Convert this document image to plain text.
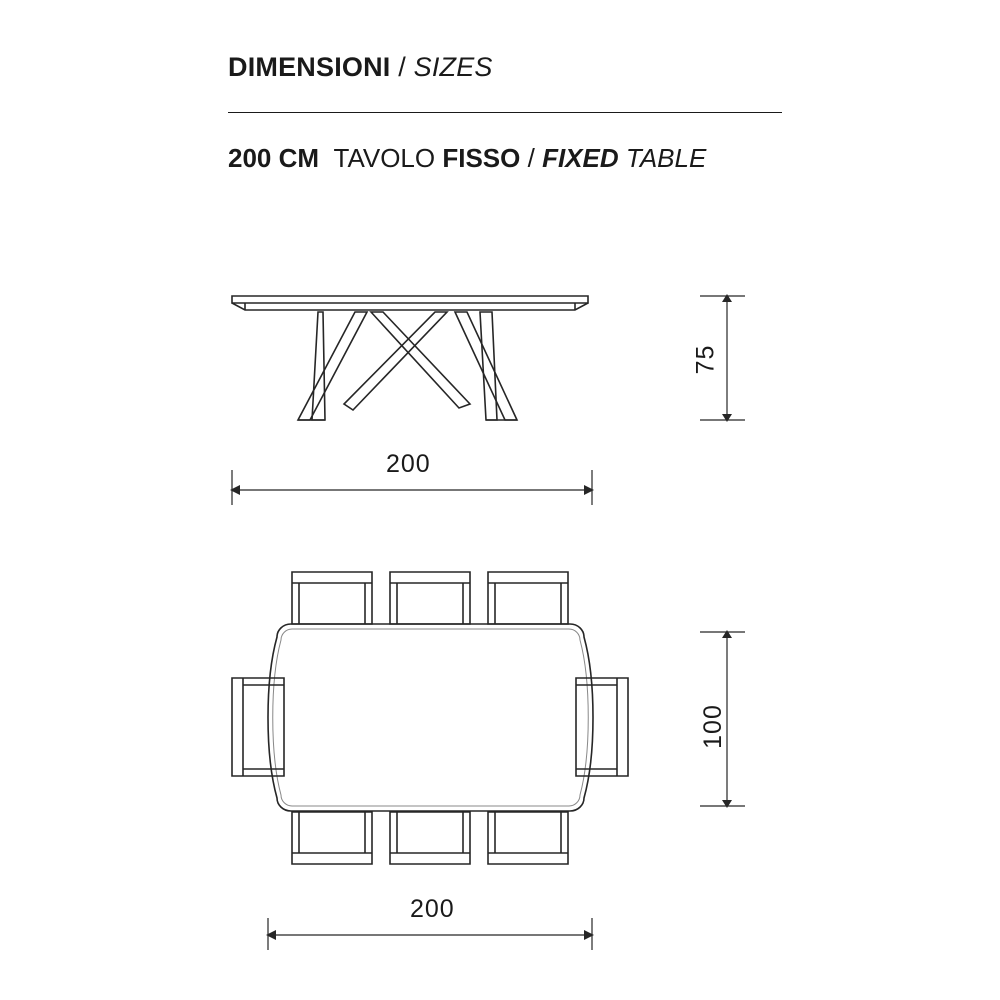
DIMENSIONI / SIZES
200 CM TAVOLO FISSO / FIXED TABLE
75
200
100
200
